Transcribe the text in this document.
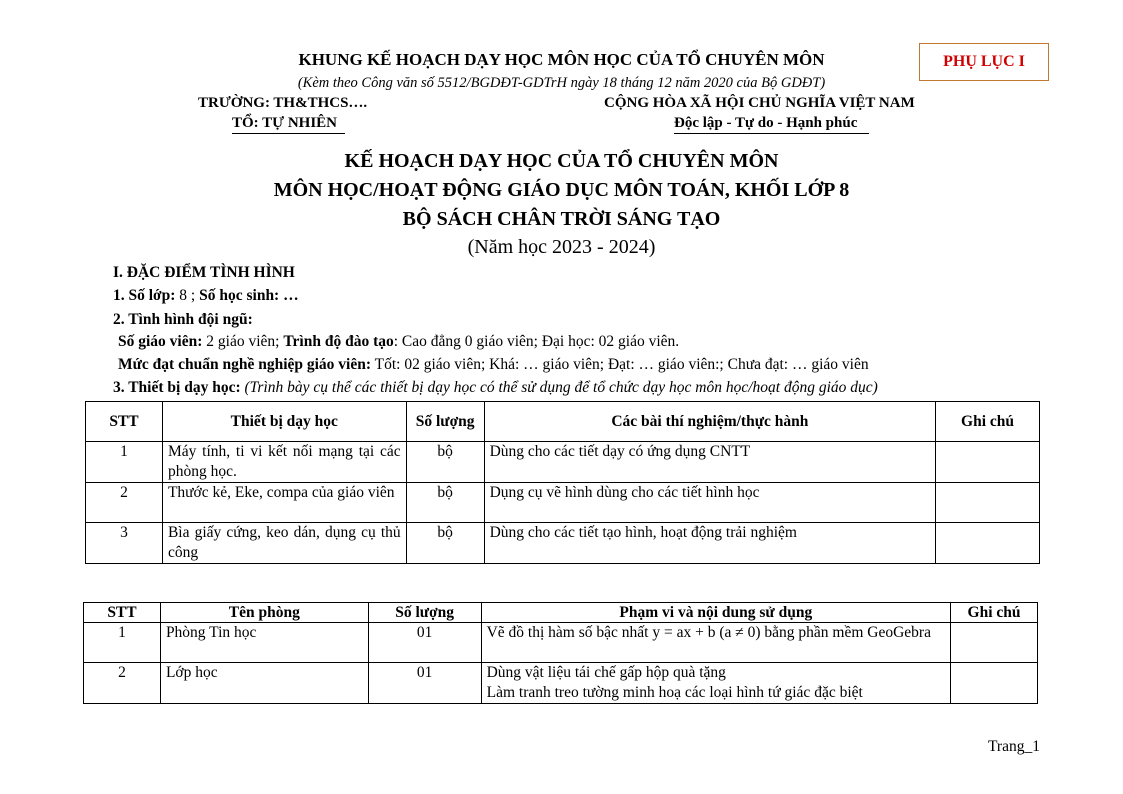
KHUNG KẾ HOẠCH DẠY HỌC MÔN HỌC CỦA TỔ CHUYÊN MÔN	PHỤ LỤC I
(Kèm theo Công văn số 5512/BGDĐT-GDTrH ngày 18 tháng 12 năm 2020 của Bộ GDĐT)
TRƯỜNG: TH&THCS….
TỔ: TỰ NHIÊN
CỘNG HÒA XÃ HỘI CHỦ NGHĨA VIỆT NAM
Độc lập - Tự do - Hạnh phúc
KẾ HOẠCH DẠY HỌC CỦA TỔ CHUYÊN MÔN
MÔN HỌC/HOẠT ĐỘNG GIÁO DỤC MÔN TOÁN, KHỐI LỚP 8
BỘ SÁCH CHÂN TRỜI SÁNG TẠO
(Năm học 2023 - 2024)
I. ĐẶC ĐIỂM TÌNH HÌNH
1. Số lớp: 8 ; Số học sinh: …
2. Tình hình đội ngũ:
Số giáo viên: 2 giáo viên; Trình độ đào tạo: Cao đẳng 0 giáo viên; Đại học: 02 giáo viên.
Mức đạt chuẩn nghề nghiệp giáo viên: Tốt: 02 giáo viên; Khá: … giáo viên; Đạt: … giáo viên:; Chưa đạt: … giáo viên
3. Thiết bị dạy học: (Trình bày cụ thể các thiết bị dạy học có thể sử dụng để tổ chức dạy học môn học/hoạt động giáo dục)
STT	Thiết bị dạy học	Số lượng	Các bài thí nghiệm/thực hành	Ghi chú
1	Máy tính, ti vi kết nối mạng tại các phòng học.	bộ	Dùng cho các tiết dạy có ứng dụng CNTT	
2	Thước kẻ, Eke, compa của giáo viên	bộ	Dụng cụ vẽ hình dùng cho các tiết hình học	
3	Bìa giấy cứng, keo dán, dụng cụ thủ công	bộ	Dùng cho các tiết tạo hình, hoạt động trải nghiệm	
STT	Tên phòng	Số lượng	Phạm vi và nội dung sử dụng	Ghi chú
1	Phòng Tin học	01	Vẽ đồ thị hàm số bậc nhất y = ax + b (a ≠ 0) bằng phần mềm GeoGebra	
2	Lớp học	01	Dùng vật liệu tái chế gấp hộp quà tặng
Làm tranh treo tường minh hoạ các loại hình tứ giác đặc biệt	

Trang_1
